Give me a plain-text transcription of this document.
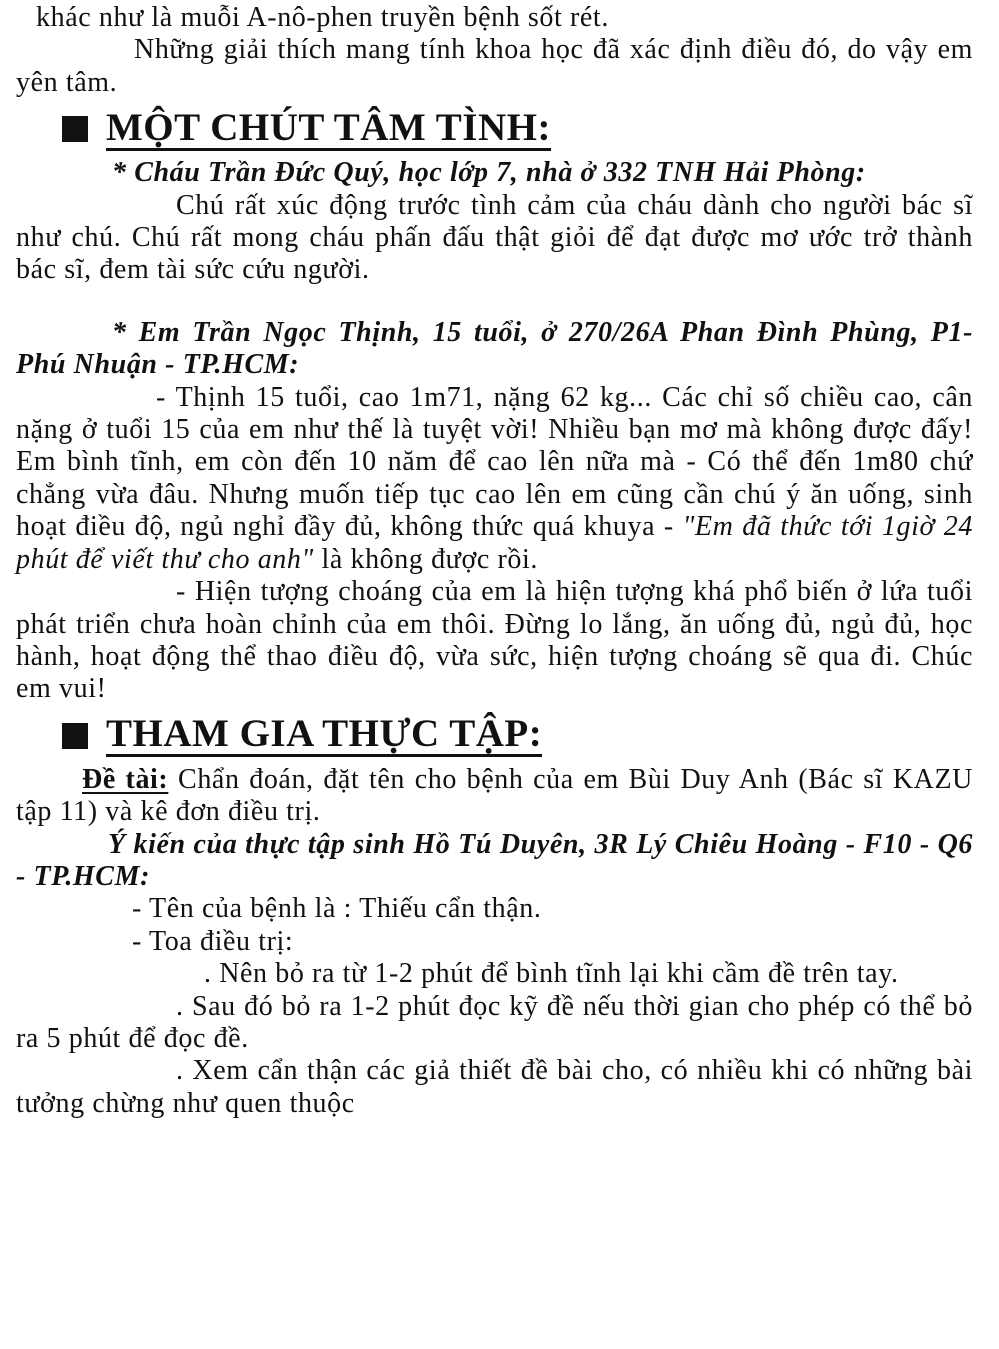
khác như là muỗi A-nô-phen truyền bệnh sốt rét.

Những giải thích mang tính khoa học đã xác định điều đó, do vậy em yên tâm.

MỘT CHÚT TÂM TÌNH:

* Cháu Trần Đức Quý, học lớp 7, nhà ở 332 TNH Hải Phòng:

Chú rất xúc động trước tình cảm của cháu dành cho người bác sĩ như chú. Chú rất mong cháu phấn đấu thật giỏi để đạt được mơ ước trở thành bác sĩ, đem tài sức cứu người.

* Em Trần Ngọc Thịnh, 15 tuổi, ở 270/26A Phan Đình Phùng, P1- Phú Nhuận - TP.HCM:

- Thịnh 15 tuổi, cao 1m71, nặng 62 kg... Các chỉ số chiều cao, cân nặng ở tuổi 15 của em như thế là tuyệt vời! Nhiều bạn mơ mà không được đấy! Em bình tĩnh, em còn đến 10 năm để cao lên nữa mà - Có thể đến 1m80 chứ chẳng vừa đâu. Nhưng muốn tiếp tục cao lên em cũng cần chú ý ăn uống, sinh hoạt điều độ, ngủ nghỉ đầy đủ, không thức quá khuya - "Em đã thức tới 1giờ 24 phút để viết thư cho anh" là không được rồi.

- Hiện tượng choáng của em là hiện tượng khá phổ biến ở lứa tuổi phát triển chưa hoàn chỉnh của em thôi. Đừng lo lắng, ăn uống đủ, ngủ đủ, học hành, hoạt động thể thao điều độ, vừa sức, hiện tượng choáng sẽ qua đi. Chúc em vui!

THAM GIA THỰC TẬP:

Đề tài: Chẩn đoán, đặt tên cho bệnh của em Bùi Duy Anh (Bác sĩ KAZU tập 11) và kê đơn điều trị.

Ý kiến của thực tập sinh Hồ Tú Duyên, 3R Lý Chiêu Hoàng - F10 - Q6 - TP.HCM:

- Tên của bệnh là : Thiếu cẩn thận.

- Toa điều trị:

. Nên bỏ ra từ 1-2 phút để bình tĩnh lại khi cầm đề trên tay.

. Sau đó bỏ ra 1-2 phút đọc kỹ đề nếu thời gian cho phép có thể bỏ ra 5 phút để đọc đề.

. Xem cẩn thận các giả thiết đề bài cho, có nhiều khi có những bài tưởng chừng như quen thuộc
